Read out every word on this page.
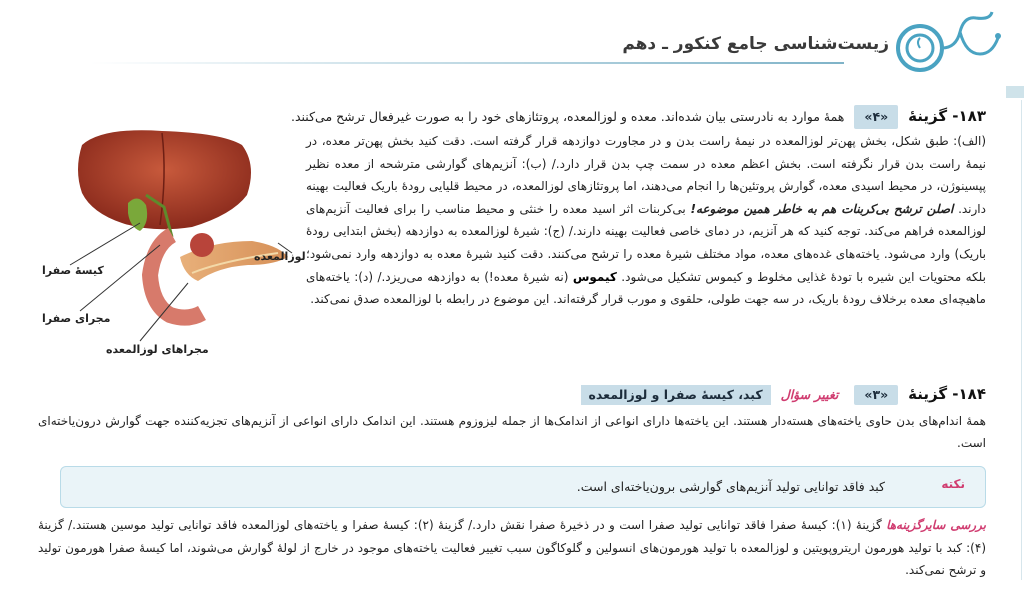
زیست‌شناسی جامع کنکور ـ دهم
لوزالمعده
کیسهٔ صفرا
مجرای صفرا
مجراهای لوزالمعده
۱۸۳- گزینهٔ «۴» همهٔ موارد به نادرستی بیان شده‌اند. معده و لوزالمعده، پروتئازهای خود را به صورت غیرفعال ترشح می‌کنند.
(الف): طبق شکل، بخش پهن‌تر لوزالمعده در نیمهٔ راست بدن و در مجاورت دوازدهه قرار گرفته است. دقت کنید بخش پهن‌تر معده، در نیمهٔ راست بدن قرار نگرفته است. بخش اعظم معده در سمت چپ بدن قرار دارد./ (ب): آنزیم‌های گوارشی مترشحه از معده نظیر پپسینوژن، در محیط اسیدی معده، گوارش پروتئین‌ها را انجام می‌دهند، اما پروتئازهای لوزالمعده، در محیط قلیایی رودهٔ باریک فعالیت بهینه دارند. اصلن ترشح بی‌کربنات هم به خاطر همین موضوعه! بی‌کربنات اثر اسید معده را خنثی و محیط مناسب را برای فعالیت آنزیم‌های لوزالمعده فراهم می‌کند. توجه کنید که هر آنزیم، در دمای خاصی فعالیت بهینه دارند./ (ج): شیرهٔ لوزالمعده به دوازدهه (بخش ابتدایی رودهٔ باریک) وارد می‌شود. یاخته‌های غده‌های معده، مواد مختلف شیرهٔ معده را ترشح می‌کنند. دقت کنید شیرهٔ معده به دوازدهه وارد نمی‌شود؛ بلکه محتویات این شیره با تودهٔ غذایی مخلوط و کیموس تشکیل می‌شود. کیموس (نه شیرهٔ معده!) به دوازدهه می‌ریزد./ (د): یاخته‌های ماهیچه‌ای معده برخلاف رودهٔ باریک، در سه جهت طولی، حلقوی و مورب قرار گرفته‌اند. این موضوع در رابطه با لوزالمعده صدق نمی‌کند.
۱۸۴- گزینهٔ «۳» تغییر سؤال کبد، کیسهٔ صفرا و لوزالمعده
همهٔ اندام‌های بدن حاوی یاخته‌های هسته‌دار هستند. این یاخته‌ها دارای انواعی از اندامک‌ها از جمله لیزوزوم هستند. این اندامک دارای انواعی از آنزیم‌های تجزیه‌کننده جهت گوارش درون‌یاخته‌ای است.
نکته
کبد فاقد توانایی تولید آنزیم‌های گوارشی برون‌یاخته‌ای است.
بررسی سایرگزینه‌ها گزینهٔ (۱): کیسهٔ صفرا فاقد توانایی تولید صفرا است و در ذخیرهٔ صفرا نقش دارد./ گزینهٔ (۲): کیسهٔ صفرا و یاخته‌های لوزالمعده فاقد توانایی تولید موسین هستند./ گزینهٔ (۴): کبد با تولید هورمون اریتروپویتین و لوزالمعده با تولید هورمون‌های انسولین و گلوکاگون سبب تغییر فعالیت یاخته‌های موجود در خارج از لولهٔ گوارش می‌شوند، اما کیسهٔ صفرا هورمون تولید و ترشح نمی‌کند.
